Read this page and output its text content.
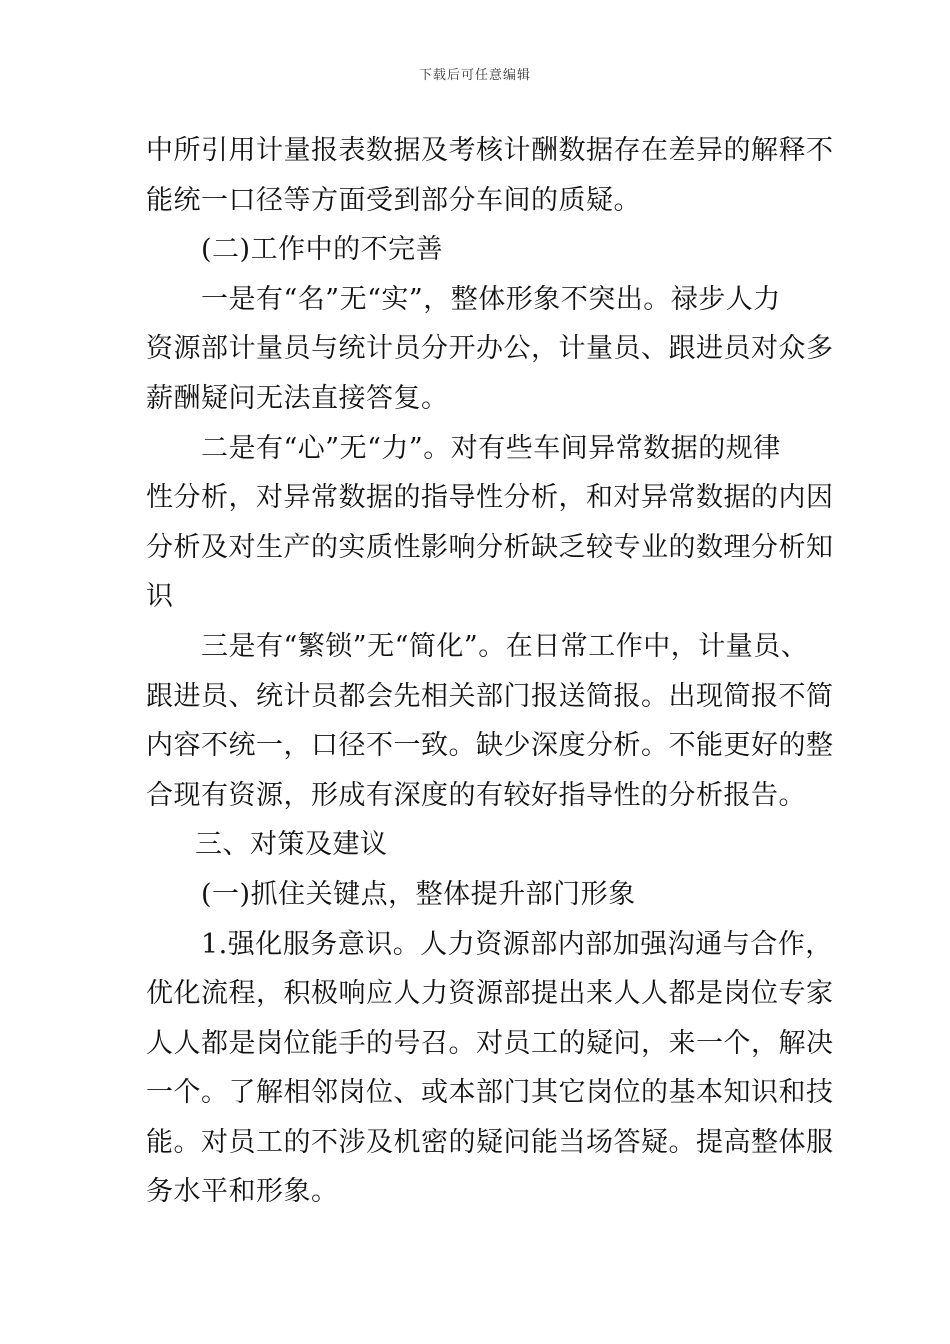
下载后可任意编辑
中所引用计量报表数据及考核计酬数据存在差异的解释不
能统一口径等方面受到部分车间的质疑。
(二)工作中的不完善
一是有“名”无“实”，整体形象不突出。禄步人力
资源部计量员与统计员分开办公，计量员、跟进员对众多
薪酬疑问无法直接答复。
二是有“心”无“力”。对有些车间异常数据的规律
性分析，对异常数据的指导性分析，和对异常数据的内因
分析及对生产的实质性影响分析缺乏较专业的数理分析知
识
三是有“繁锁”无“简化”。在日常工作中，计量员、
跟进员、统计员都会先相关部门报送简报。出现简报不简
内容不统一，口径不一致。缺少深度分析。不能更好的整
合现有资源，形成有深度的有较好指导性的分析报告。
三、对策及建议
(一)抓住关键点，整体提升部门形象
1.强化服务意识。人力资源部内部加强沟通与合作，
优化流程，积极响应人力资源部提出来人人都是岗位专家
人人都是岗位能手的号召。对员工的疑问，来一个，解决
一个。了解相邻岗位、或本部门其它岗位的基本知识和技
能。对员工的不涉及机密的疑问能当场答疑。提高整体服
务水平和形象。
